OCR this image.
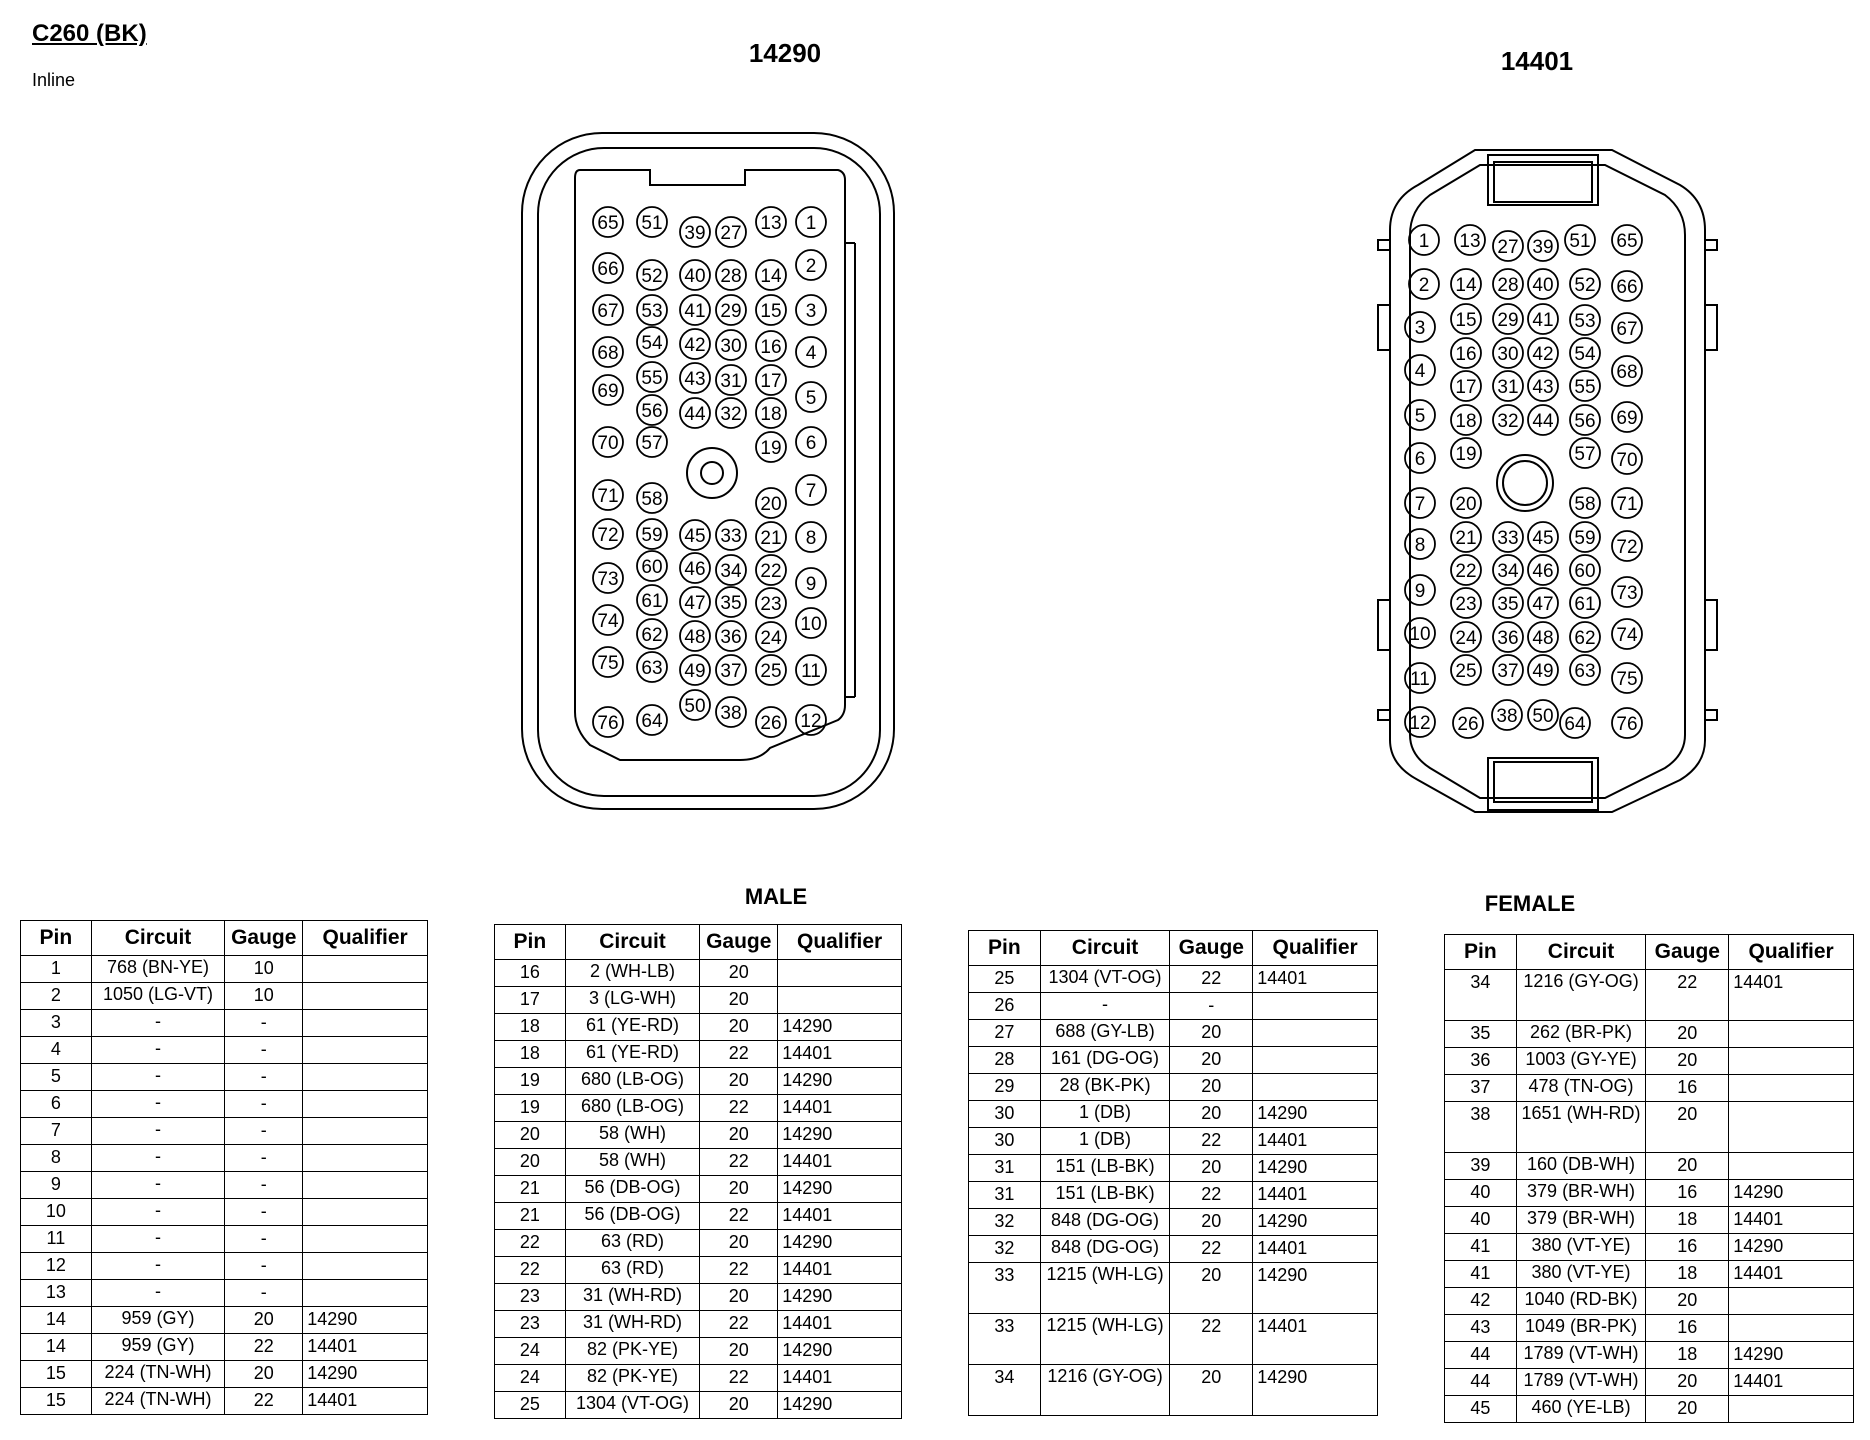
C260 (BK)
Inline
14290	14401
65 51 39 27 13 1
2
66 52 40 28 14
67 53 41 29 15 3
68 54 42 30 16 4
69
55 43 31 17
5
56 44 32 18
70 57	19 6
71 58	20
7
72 59 45 33 21 8
73
60 46 34 22
9
74
61 47 35 23
10
62 48 36 24
75 63 49 37 25 11
50 38
76 64	26 12
1 13 27 39 51 65
2 14 28 40 52 66
3 15 29 41 53 67
4
16 30 42 54
68
17 31 43 55
5 18 32 44 56 69
6 19	57 70
7 20	58 71
8 21 33 45 59 72
22 34 46 60
9
23 35 47 61
73
10 24 36 48 62 74
11 25 37 49 63 75
12 26 38 50 64 76
MALE	FEMALE
Pin	Circuit	Gauge	Qualifier
1	768 (BN-YE)	10	
2	1050 (LG-VT)	10	
3	-	-	
4	-	-	
5	-	-	
6	-	-	
7	-	-	
8	-	-	
9	-	-	
10	-	-	
11	-	-	
12	-	-	
13	-	-	
14	959 (GY)	20	14290
14	959 (GY)	22	14401
15	224 (TN-WH)	20	14290
15	224 (TN-WH)	22	14401
Pin	Circuit	Gauge	Qualifier
16	2 (WH-LB)	20	
17	3 (LG-WH)	20	
18	61 (YE-RD)	20	14290
18	61 (YE-RD)	22	14401
19	680 (LB-OG)	20	14290
19	680 (LB-OG)	22	14401
20	58 (WH)	20	14290
20	58 (WH)	22	14401
21	56 (DB-OG)	20	14290
21	56 (DB-OG)	22	14401
22	63 (RD)	20	14290
22	63 (RD)	22	14401
23	31 (WH-RD)	20	14290
23	31 (WH-RD)	22	14401
24	82 (PK-YE)	20	14290
24	82 (PK-YE)	22	14401
25	1304 (VT-OG)	20	14290
Pin	Circuit	Gauge	Qualifier
25	1304 (VT-OG)	22	14401
26	-	-	
27	688 (GY-LB)	20	
28	161 (DG-OG)	20	
29	28 (BK-PK)	20	
30	1 (DB)	20	14290
30	1 (DB)	22	14401
31	151 (LB-BK)	20	14290
31	151 (LB-BK)	22	14401
32	848 (DG-OG)	20	14290
32	848 (DG-OG)	22	14401
33	1215 (WH-LG)	20	14290
33	1215 (WH-LG)	22	14401
34	1216 (GY-OG)	20	14290
Pin	Circuit	Gauge	Qualifier
34	1216 (GY-OG)	22	14401
35	262 (BR-PK)	20	
36	1003 (GY-YE)	20	
37	478 (TN-OG)	16	
38	1651 (WH-RD)	20	
39	160 (DB-WH)	20	
40	379 (BR-WH)	16	14290
40	379 (BR-WH)	18	14401
41	380 (VT-YE)	16	14290
41	380 (VT-YE)	18	14401
42	1040 (RD-BK)	20	
43	1049 (BR-PK)	16	
44	1789 (VT-WH)	18	14290
44	1789 (VT-WH)	20	14401
45	460 (YE-LB)	20	
